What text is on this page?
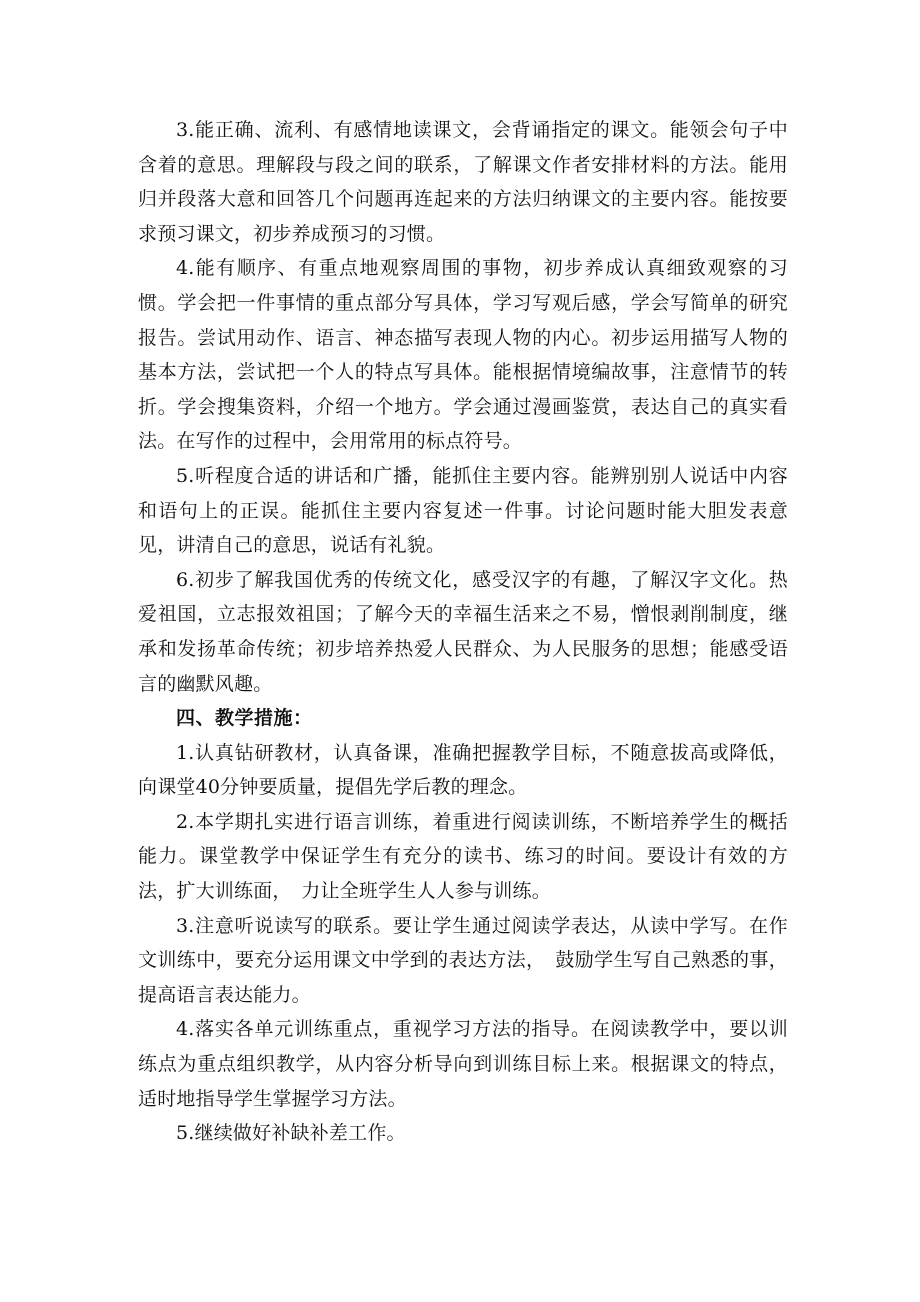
3.能正确、流利、有感情地读课文，会背诵指定的课文。能领会句子中含着的意思。理解段与段之间的联系，了解课文作者安排材料的方法。能用归并段落大意和回答几个问题再连起来的方法归纳课文的主要内容。能按要求预习课文，初步养成预习的习惯。

4.能有顺序、有重点地观察周围的事物，初步养成认真细致观察的习惯。学会把一件事情的重点部分写具体，学习写观后感，学会写简单的研究报告。尝试用动作、语言、神态描写表现人物的内心。初步运用描写人物的基本方法，尝试把一个人的特点写具体。能根据情境编故事，注意情节的转折。学会搜集资料，介绍一个地方。学会通过漫画鉴赏，表达自己的真实看法。在写作的过程中，会用常用的标点符号。

5.听程度合适的讲话和广播，能抓住主要内容。能辨别别人说话中内容和语句上的正误。能抓住主要内容复述一件事。讨论问题时能大胆发表意见，讲清自己的意思，说话有礼貌。

6.初步了解我国优秀的传统文化，感受汉字的有趣，了解汉字文化。热爱祖国，立志报效祖国；了解今天的幸福生活来之不易，憎恨剥削制度，继承和发扬革命传统；初步培养热爱人民群众、为人民服务的思想；能感受语言的幽默风趣。

四、教学措施：

1.认真钻研教材，认真备课，准确把握教学目标，不随意拔高或降低，向课堂40分钟要质量，提倡先学后教的理念。

2.本学期扎实进行语言训练，着重进行阅读训练，不断培养学生的概括能力。课堂教学中保证学生有充分的读书、练习的时间。要设计有效的方法，扩大训练面，　力让全班学生人人参与训练。

3.注意听说读写的联系。要让学生通过阅读学表达，从读中学写。在作文训练中，要充分运用课文中学到的表达方法，　鼓励学生写自己熟悉的事，提高语言表达能力。

4.落实各单元训练重点，重视学习方法的指导。在阅读教学中，要以训练点为重点组织教学，从内容分析导向到训练目标上来。根据课文的特点，适时地指导学生掌握学习方法。

5.继续做好补缺补差工作。
